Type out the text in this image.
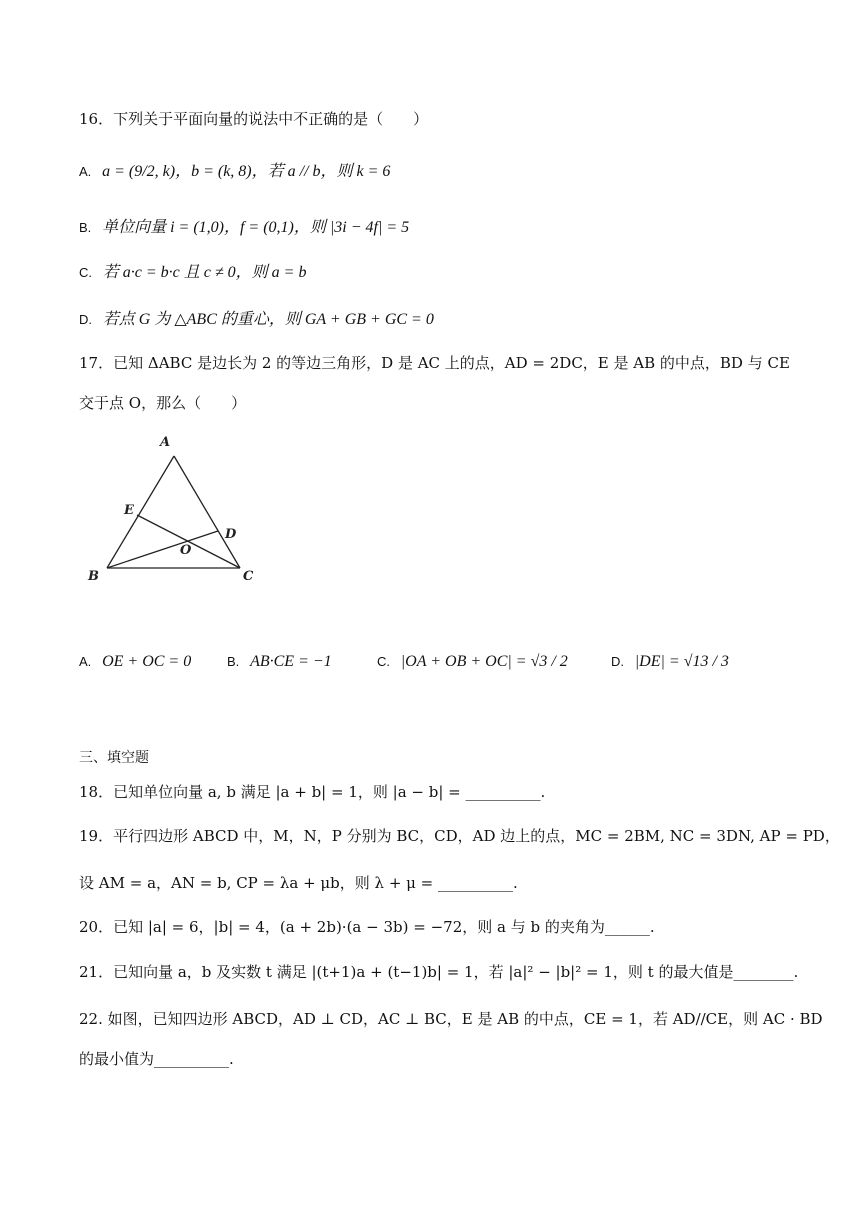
16．下列关于平面向量的说法中不正确的是（　　）
A. a = (9/2, k)，b = (k, 8)，若 a // b，则 k = 6
B. 单位向量 i = (1,0)，f = (0,1)，则 |3i − 4f| = 5
C. 若 a·c = b·c 且 c ≠ 0，则 a = b
D. 若点 G 为 △ABC 的重心，则 GA + GB + GC = 0
17．已知 ΔABC 是边长为 2 的等边三角形，D 是 AC 上的点，AD = 2DC，E 是 AB 的中点，BD 与 CE
交于点 O，那么（　　）
A
B	C
D
E
O
A. OE + OC = 0	B. AB·CE = −1	C. |OA + OB + OC| = √3 / 2	D. |DE| = √13 / 3
三、填空题
18．已知单位向量 a, b 满足 |a + b| = 1，则 |a − b| = __________.
19．平行四边形 ABCD 中，M，N，P 分别为 BC，CD，AD 边上的点，MC = 2BM, NC = 3DN, AP = PD，
设 AM = a，AN = b, CP = λa + μb，则 λ + μ = __________.
20．已知 |a| = 6，|b| = 4，(a + 2b)·(a − 3b) = −72，则 a 与 b 的夹角为______.
21．已知向量 a，b 及实数 t 满足 |(t+1)a + (t−1)b| = 1，若 |a|² − |b|² = 1，则 t 的最大值是________.
22. 如图，已知四边形 ABCD，AD ⊥ CD，AC ⊥ BC，E 是 AB 的中点，CE = 1，若 AD//CE，则 AC · BD
的最小值为__________.
